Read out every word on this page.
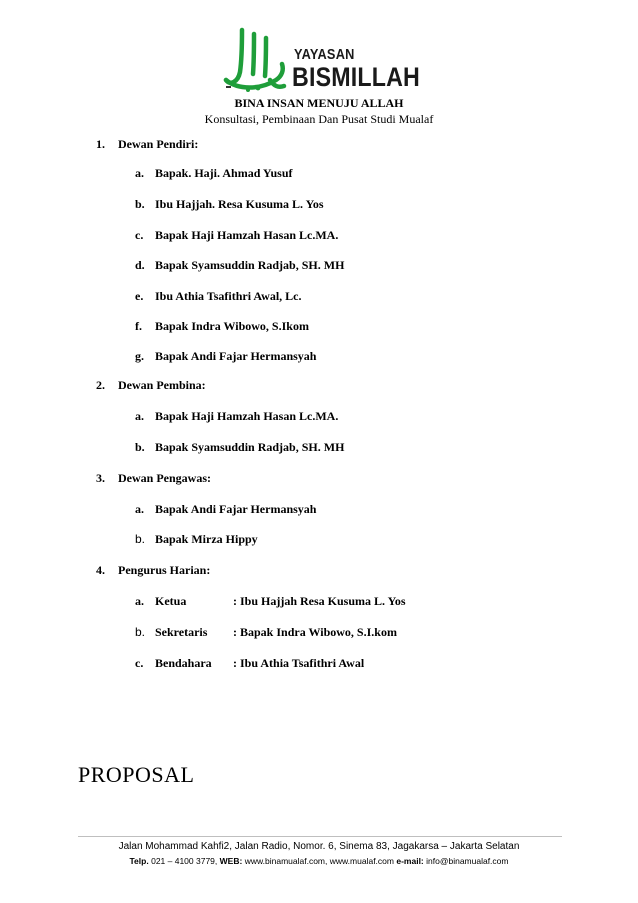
YAYASAN
BISMILLAH
BINA INSAN MENUJU ALLAH
Konsultasi, Pembinaan Dan Pusat Studi Mualaf
1. Dewan Pendiri:
a. Bapak. Haji. Ahmad Yusuf
b. Ibu Hajjah. Resa Kusuma L. Yos
c. Bapak Haji Hamzah Hasan Lc.MA.
d. Bapak Syamsuddin Radjab, SH. MH
e. Ibu Athia Tsafithri Awal, Lc.
f. Bapak Indra Wibowo, S.Ikom
g. Bapak Andi Fajar Hermansyah
2. Dewan Pembina:
a. Bapak Haji Hamzah Hasan Lc.MA.
b. Bapak Syamsuddin Radjab, SH. MH
3. Dewan Pengawas:
a. Bapak Andi Fajar Hermansyah
b. Bapak Mirza Hippy
4. Pengurus Harian:
a. Ketua	: Ibu Hajjah Resa Kusuma L. Yos
b. Sekretaris : Bapak Indra Wibowo, S.I.kom
c. Bendahara : Ibu Athia Tsafithri Awal
PROPOSAL
Jalan Mohammad Kahfi2, Jalan Radio, Nomor. 6, Sinema 83, Jagakarsa – Jakarta Selatan
Telp. 021 – 4100 3779, WEB: www.binamualaf.com, www.mualaf.com e-mail: info@binamualaf.com
